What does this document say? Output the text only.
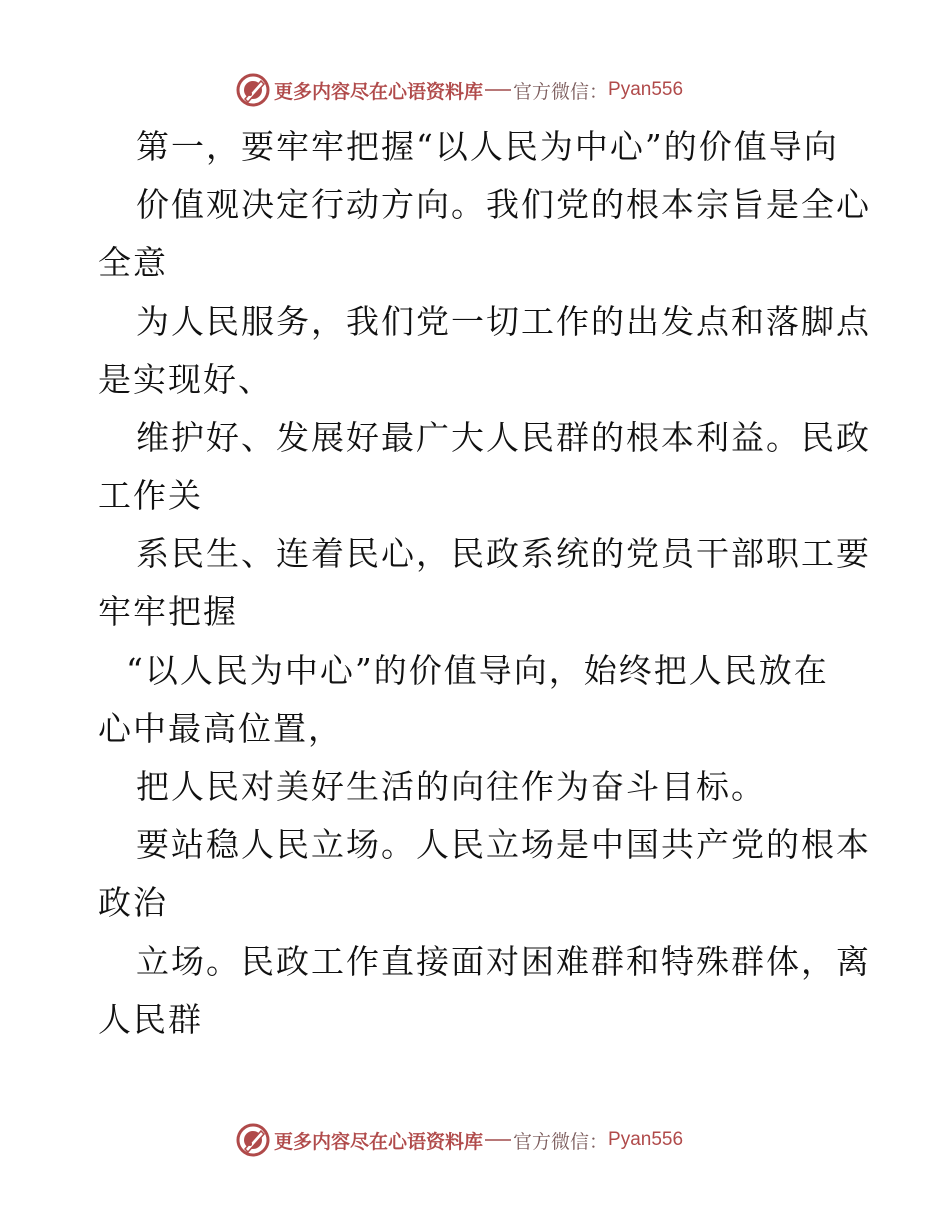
更多内容尽在心语资料库 官方微信： Pyan556
第一，要牢牢把握“以人民为中心”的价值导向
价值观决定行动方向。我们党的根本宗旨是全心
全意
为人民服务，我们党一切工作的出发点和落脚点
是实现好、
维护好、发展好最广大人民群的根本利益。民政
工作关
系民生、连着民心，民政系统的党员干部职工要
牢牢把握
“以人民为中心”的价值导向，始终把人民放在
心中最高位置，
把人民对美好生活的向往作为奋斗目标。
要站稳人民立场。人民立场是中国共产党的根本
政治
立场。民政工作直接面对困难群和特殊群体，离
人民群
更多内容尽在心语资料库 官方微信： Pyan556
